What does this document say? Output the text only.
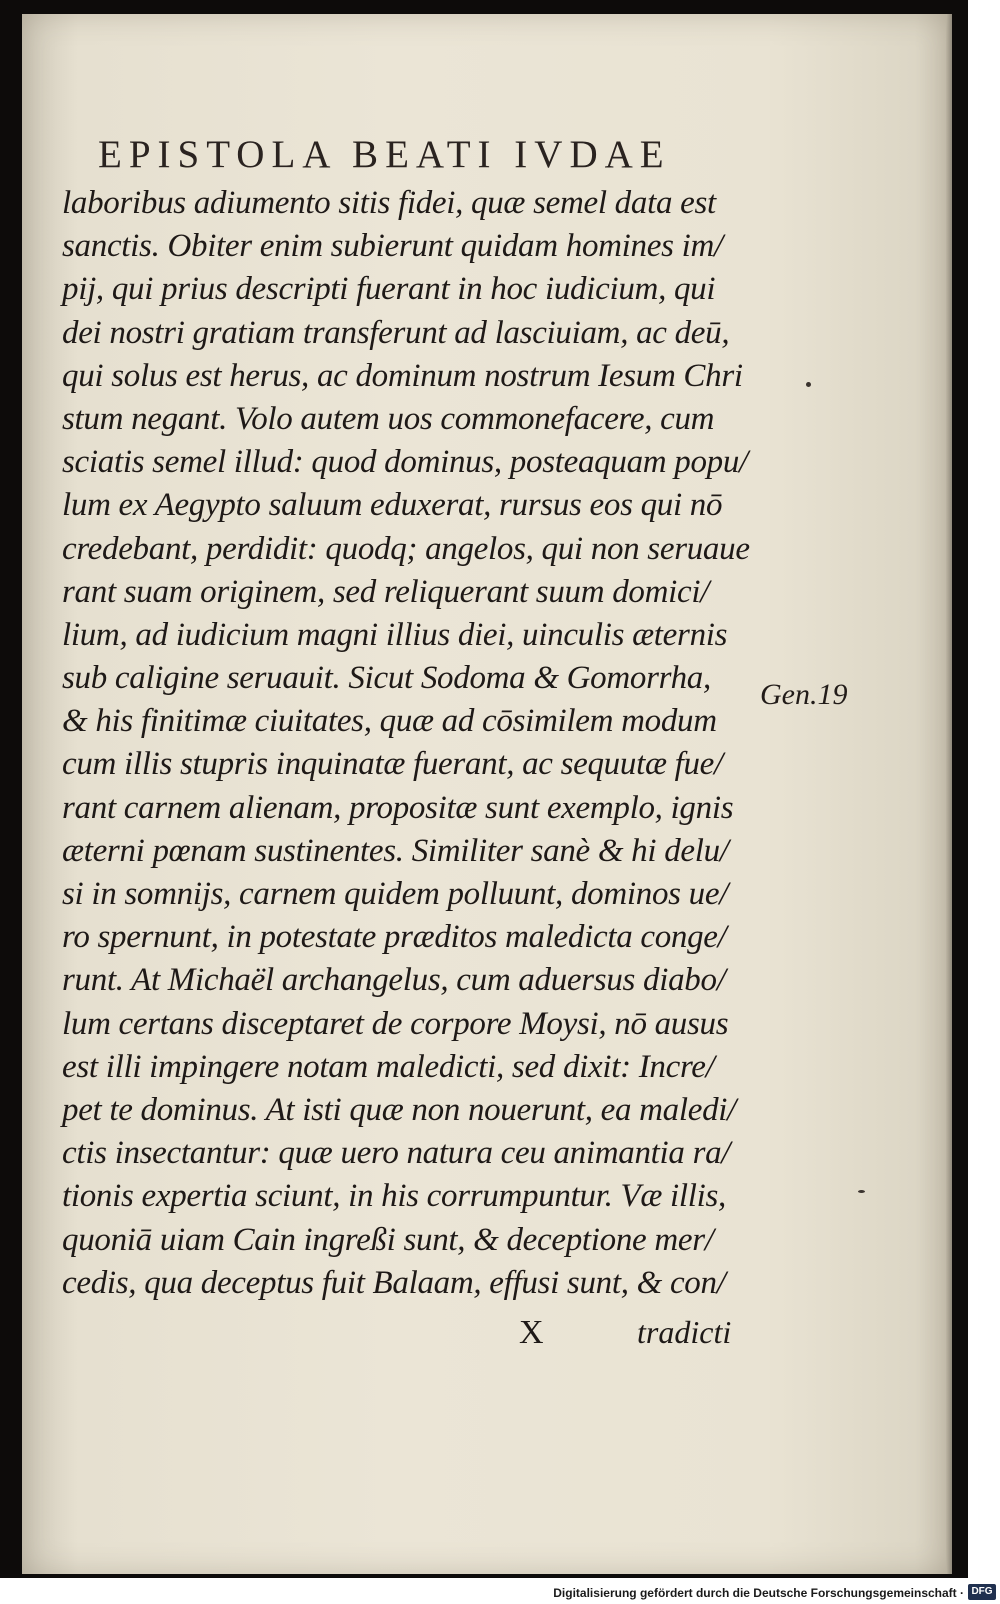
EPISTOLA BEATI IVDAE
laboribus adiumento sitis fidei, quæ semel data est
sanctis. Obiter enim subierunt quidam homines im/
pij, qui prius descripti fuerant in hoc iudicium, qui
dei nostri gratiam transferunt ad lasciuiam, ac deū,
qui solus est herus, ac dominum nostrum Iesum Chri
stum negant. Volo autem uos commonefacere, cum
sciatis semel illud: quod dominus, posteaquam popu/
lum ex Aegypto saluum eduxerat, rursus eos qui nō
credebant, perdidit: quodq; angelos, qui non seruaue
rant suam originem, sed reliquerant suum domici/
lium, ad iudicium magni illius diei, uinculis æternis
sub caligine seruauit. Sicut Sodoma & Gomorrha,
& his finitimæ ciuitates, quæ ad cōsimilem modum
cum illis stupris inquinatæ fuerant, ac sequutæ fue/
rant carnem alienam, propositæ sunt exemplo, ignis
æterni pœnam sustinentes. Similiter sanè & hi delu/
si in somnijs, carnem quidem polluunt, dominos ue/
ro spernunt, in potestate præditos maledicta conge/
runt. At Michaël archangelus, cum aduersus diabo/
lum certans disceptaret de corpore Moysi, nō ausus
est illi impingere notam maledicti, sed dixit: Incre/
pet te dominus. At isti quæ non nouerunt, ea maledi/
ctis insectantur: quæ uero natura ceu animantia ra/
tionis expertia sciunt, in his corrumpuntur. Væ illis,
quoniā uiam Cain ingreßi sunt, & deceptione mer/
cedis, qua deceptus fuit Balaam, effusi sunt, & con/
Gen.19
X	tradicti
Digitalisierung gefördert durch die Deutsche Forschungsgemeinschaft · DFG
